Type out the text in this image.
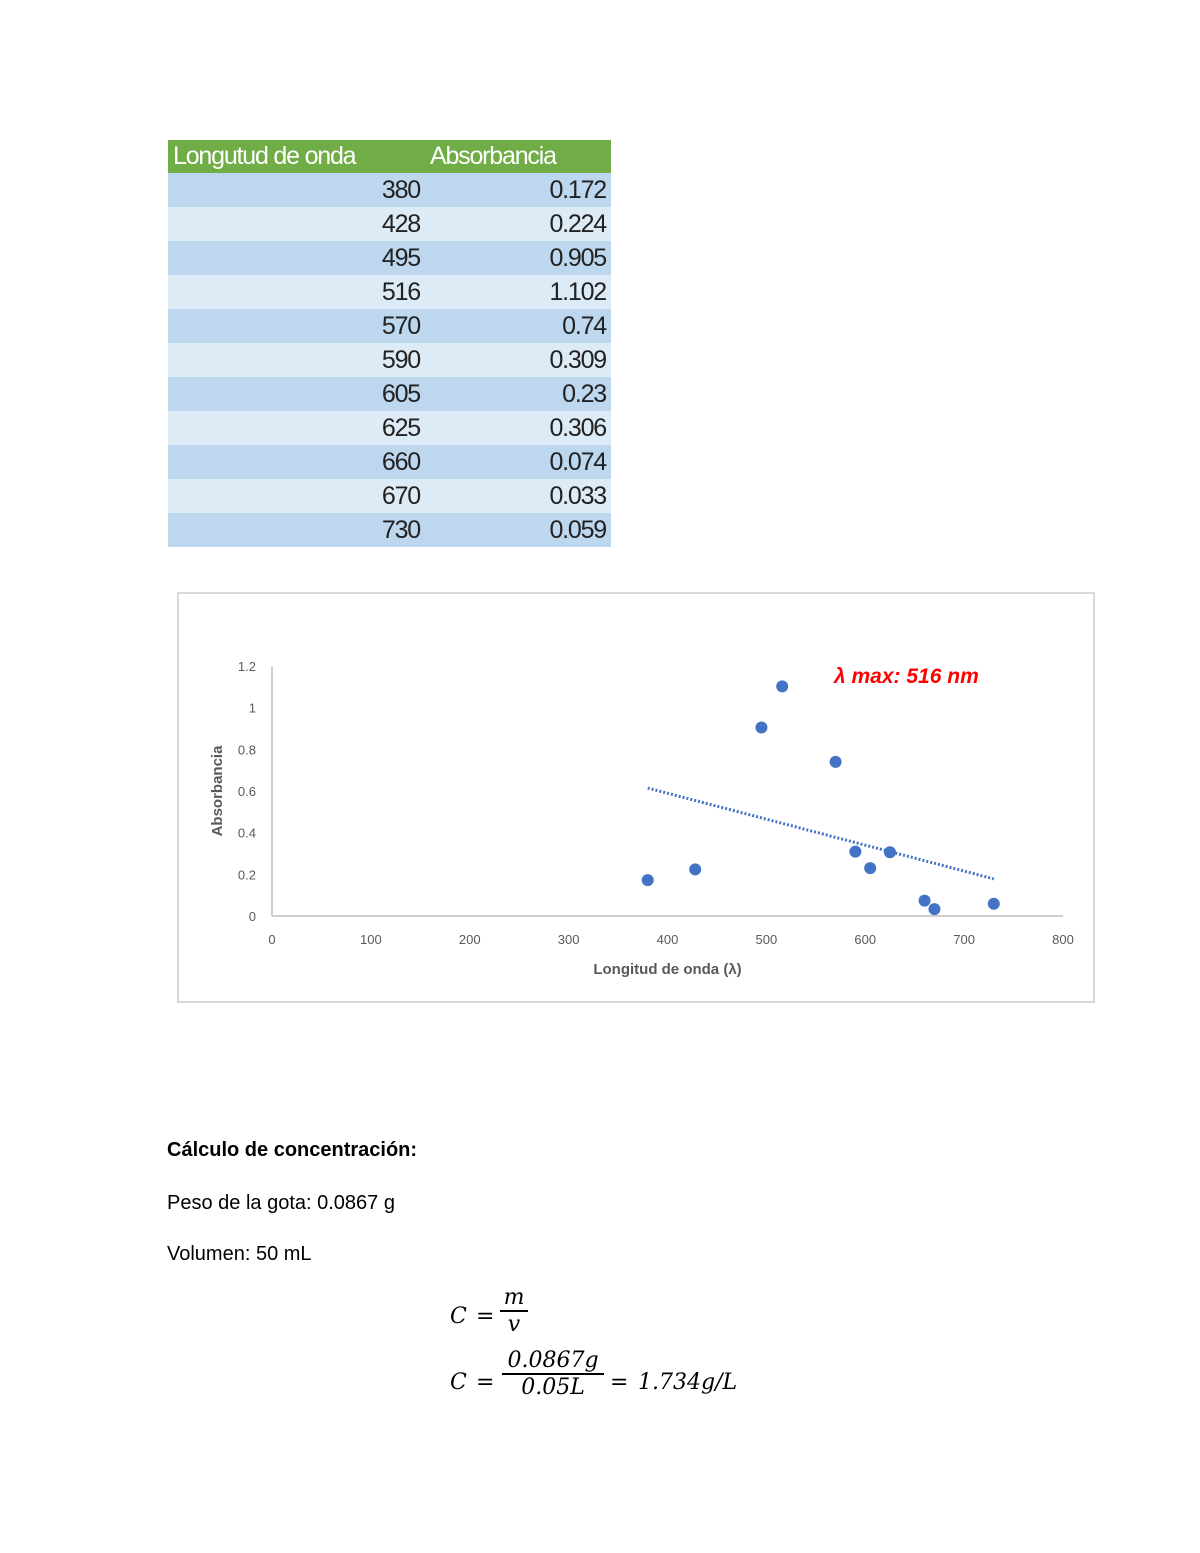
Longutud de onda	Absorbancia
380	0.172
428	0.224
495	0.905
516	1.102
570	0.74
590	0.309
605	0.23
625	0.306
660	0.074
670	0.033
730	0.059
0	100	200	300	400	500	600	700	800
0
0.2
0.4
0.6
0.8
1
1.2
Longitud de onda (λ)
Absorbancia
λ max: 516 nm
Cálculo de concentración:
Peso de la gota: 0.0867 g
Volumen: 50 mL
C =
m
v
C =
0.0867g
0.05L	= 1.734g/L
